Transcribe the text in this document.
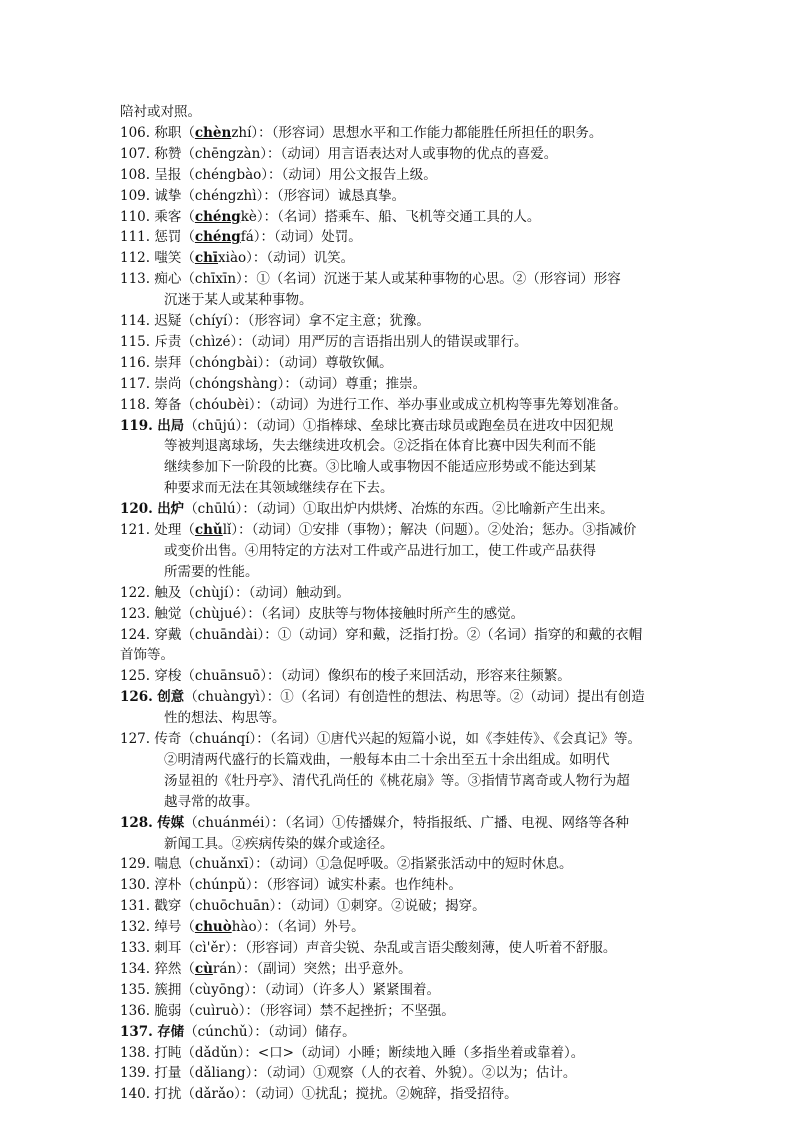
陪衬或对照。
106. 称职（chènzhí）：（形容词）思想水平和工作能力都能胜任所担任的职务。
107. 称赞（chēngzàn）：（动词）用言语表达对人或事物的优点的喜爱。
108. 呈报（chéngbào）：（动词）用公文报告上级。
109. 诚挚（chéngzhì）：（形容词）诚恳真挚。
110. 乘客（chéngkè）：（名词）搭乘车、船、飞机等交通工具的人。
111. 惩罚（chéngfá）：（动词）处罚。
112. 嗤笑（chīxiào）：（动词）讥笑。
113. 痴心（chīxīn）：①（名词）沉迷于某人或某种事物的心思。②（形容词）形容
沉迷于某人或某种事物。
114. 迟疑（chíyí）：（形容词）拿不定主意；犹豫。
115. 斥责（chìzé）：（动词）用严厉的言语指出别人的错误或罪行。
116. 崇拜（chóngbài）：（动词）尊敬钦佩。
117. 崇尚（chóngshàng）：（动词）尊重；推崇。
118. 筹备（chóubèi）：（动词）为进行工作、举办事业或成立机构等事先筹划准备。
119. 出局（chūjú）：（动词）①指棒球、垒球比赛击球员或跑垒员在进攻中因犯规
等被判退离球场，失去继续进攻机会。②泛指在体育比赛中因失利而不能
继续参加下一阶段的比赛。③比喻人或事物因不能适应形势或不能达到某
种要求而无法在其领域继续存在下去。
120. 出炉（chūlú）：（动词）①取出炉内烘烤、冶炼的东西。②比喻新产生出来。
121. 处理（chǔlǐ）：（动词）①安排（事物）；解决（问题）。②处治；惩办。③指减价
或变价出售。④用特定的方法对工件或产品进行加工，使工件或产品获得
所需要的性能。
122. 触及（chùjí）：（动词）触动到。
123. 触觉（chùjué）：（名词）皮肤等与物体接触时所产生的感觉。
124. 穿戴（chuāndài）：①（动词）穿和戴，泛指打扮。②（名词）指穿的和戴的衣帽
首饰等。
125. 穿梭（chuānsuō）：（动词）像织布的梭子来回活动，形容来往频繁。
126. 创意（chuàngyì）：①（名词）有创造性的想法、构思等。②（动词）提出有创造
性的想法、构思等。
127. 传奇（chuánqí）：（名词）①唐代兴起的短篇小说，如《李娃传》、《会真记》等。
②明清两代盛行的长篇戏曲，一般每本由二十余出至五十余出组成。如明代
汤显祖的《牡丹亭》、清代孔尚任的《桃花扇》等。③指情节离奇或人物行为超
越寻常的故事。
128. 传媒（chuánméi）：（名词）①传播媒介，特指报纸、广播、电视、网络等各种
新闻工具。②疾病传染的媒介或途径。
129. 喘息（chuǎnxī）：（动词）①急促呼吸。②指紧张活动中的短时休息。
130. 淳朴（chúnpǔ）：（形容词）诚实朴素。也作纯朴。
131. 戳穿（chuōchuān）：（动词）①刺穿。②说破；揭穿。
132. 绰号（chuòhào）：（名词）外号。
133. 刺耳（cì'ěr）：（形容词）声音尖锐、杂乱或言语尖酸刻薄，使人听着不舒服。
134. 猝然（cùrán）：（副词）突然；出乎意外。
135. 簇拥（cùyōng）：（动词）（许多人）紧紧围着。
136. 脆弱（cuìruò）：（形容词）禁不起挫折；不坚强。
137. 存储（cúnchǔ）：（动词）储存。
138. 打盹（dǎdǔn）：<口>（动词）小睡；断续地入睡（多指坐着或靠着）。
139. 打量（dǎliang）：（动词）①观察（人的衣着、外貌）。②以为；估计。
140. 打扰（dǎrǎo）：（动词）①扰乱；搅扰。②婉辞，指受招待。
